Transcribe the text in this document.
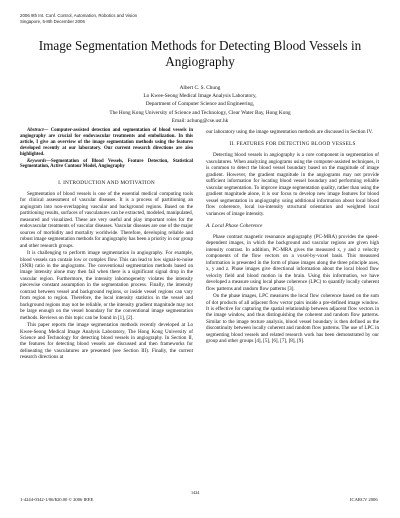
2006 9th Int. Conf. Control, Automation, Robotics and Vision
Singapore, 5-8th December 2006
Image Segmentation Methods for Detecting Blood Vessels in Angiography
Albert C. S. Chung
Lo Kwee-Seong Medical Image Analysis Laboratory,
Department of Computer Science and Engineering,
The Hong Kong University of Science and Technology, Clear Water Bay, Hong Kong
Email: achung@cse.ust.hk

Abstract— Computer-assisted detection and segmentation of blood vessels in angiography are crucial for endovascular treatments and embolization. In this article, I give an overview of the image segmentation methods using the features developed recently at our laboratory. Our current research directions are also highlighted.

Keywords—Segmentation of Blood Vessels, Feature Detection, Statistical Segmentation, Active Contour Model, Angiography

I. INTRODUCTION AND MOTIVATION

Segmentation of blood vessels is one of the essential medical computing tools for clinical assessment of vascular diseases. It is a process of partitioning an angiogram into non-overlapping vascular and background regions. Based on the partitioning results, surfaces of vasculatures can be extracted, modeled, manipulated, measured and visualized. These are very useful and play important roles for the endovascular treatments of vascular diseases. Vascular diseases are one of the major sources of morbidity and mortality worldwide. Therefore, developing reliable and robust image segmentation methods for angiography has been a priority in our group and other research groups.

It is challenging to perform image segmentation in angiography. For example, blood vessels can contain low or complex flow. This can lead to low signal-to-noise (SNR) ratio in the angiograms. The conventional segmentation methods based on image intensity alone may then fail when there is a significant signal drop in the vascular region. Furthermore, the intensity inhomogeneity violates the intensity piecewise constant assumption in the segmentation process. Finally, the intensity contrast between vessel and background regions, or inside vessel regions can vary from region to region. Therefore, the local intensity statistics in the vessel and background regions may not be reliable, or the intensity gradient magnitude may not be large enough on the vessel boundary for the conventional image segmentation methods. Reviews on this topic can be found in [1], [2].

This paper reports the image segmentation methods recently developed at Lo Kwee-Seong Medical Image Analysis Laboratory, The Hong Kong University of Science and Technology for detecting blood vessels in angiography. In Section II, the features for detecting blood vessels are discussed and then frameworks for delineating the vasculatures are presented (see Section III). Finally, the current research directions at

our laboratory using the image segmentation methods are discussed in Section IV.

II. FEATURES FOR DETECTING BLOOD VESSELS

Detecting blood vessels in angiography is a core component in segmentation of vasculatures. When analyzing angiograms using the computer-assisted techniques, it is common to detect the blood vessel boundary based on the magnitude of image gradient. However, the gradient magnitude in the angiograms may not provide sufficient information for locating blood vessel boundary and performing reliable vascular segmentation. To improve image segmentation quality, rather than using the gradient magnitude alone, it is our focus to develop new image features for blood vessel segmentation in angiography using additional information about local blood flow coherence, local iso-intensity structural orientation and weighted local variances of image intensity.

A. Local Phase Coherence

Phase contrast magnetic resonance angiography (PC-MRA) provides the speed-dependent images, in which the background and vascular regions are given high intensity contrast. In addition, PC-MRA gives the measured x, y and z velocity components of the flow vectors on a voxel-by-voxel basis. This measured information is presented in the form of phase images along the three principle axes, x, y and z. Phase images give directional information about the local blood flow velocity field and blood motion in the brain. Using this information, we have developed a measure using local phase coherence (LPC) to quantify locally coherent flow patterns and random flow patterns [3].

On the phase images, LPC measures the local flow coherence based on the sum of dot products of all adjacent flow vector pairs inside a pre-defined image window. It is effective for capturing the spatial relationship between adjacent flow vectors in the image window, and thus distinguishing the coherent and random flow patterns. Similar to the image texture analysis, blood vessel boundary is then defined as the discontinuity between locally coherent and random flow patterns. The use of LPC in segmenting blood vessels and related research work has been demonstrated by our group and other groups [4], [5], [6], [7], [8], [9].

1424
1-4244-0342-1/06/$20.00 © 2006 IEEE	ICARCV 2006
